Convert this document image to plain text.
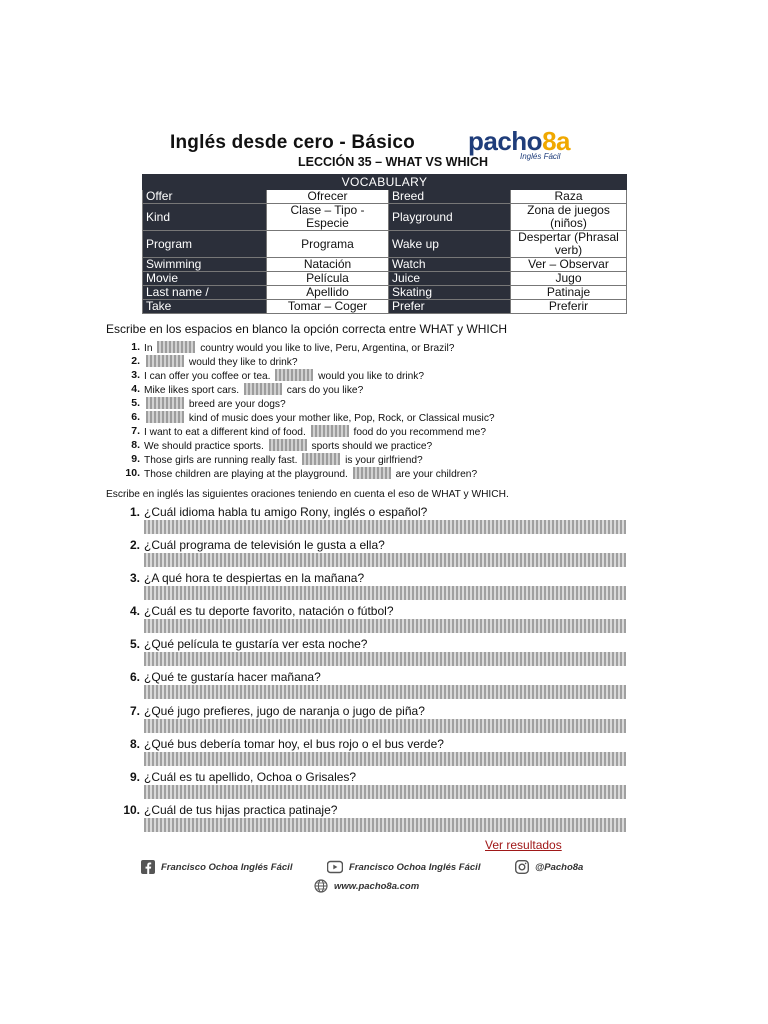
Inglés desde cero - Básico pacho8a
Inglés Fácil
LECCIÓN 35 – WHAT VS WHICH
VOCABULARY			
Offer	Ofrecer	Breed	Raza
Kind	Clase – Tipo - Especie	Playground	Zona de juegos (niños)
Program	Programa	Wake up	Despertar (Phrasal verb)
Swimming	Natación	Watch	Ver – Observar
Movie	Película	Juice	Jugo
Last name /	Apellido	Skating	Patinaje
Take	Tomar – Coger	Prefer	Preferir
Escribe en los espacios en blanco la opción correcta entre WHAT y WHICH
1. In	country would you like to live, Peru, Argentina, or Brazil?
2.	would they like to drink?
3. I can offer you coffee or tea.	would you like to drink?
4. Mike likes sport cars.	cars do you like?
5.	breed are your dogs?
6.	kind of music does your mother like, Pop, Rock, or Classical music?
7. I want to eat a different kind of food.	food do you recommend me?
8. We should practice sports.	sports should we practice?
9. Those girls are running really fast.	is your girlfriend?
10. Those children are playing at the playground.	are your children?
Escribe en inglés las siguientes oraciones teniendo en cuenta el eso de WHAT y WHICH.
1. ¿Cuál idioma habla tu amigo Rony, inglés o español?
2. ¿Cuál programa de televisión le gusta a ella?
3. ¿A qué hora te despiertas en la mañana?
4. ¿Cuál es tu deporte favorito, natación o fútbol?
5. ¿Qué película te gustaría ver esta noche?
6. ¿Qué te gustaría hacer mañana?
7. ¿Qué jugo prefieres, jugo de naranja o jugo de piña?
8. ¿Qué bus debería tomar hoy, el bus rojo o el bus verde?
9. ¿Cuál es tu apellido, Ochoa o Grisales?
10. ¿Cuál de tus hijas practica patinaje?
Ver resultados
Francisco Ochoa Inglés Fácil	Francisco Ochoa Inglés Fácil	@Pacho8a
www.pacho8a.com
